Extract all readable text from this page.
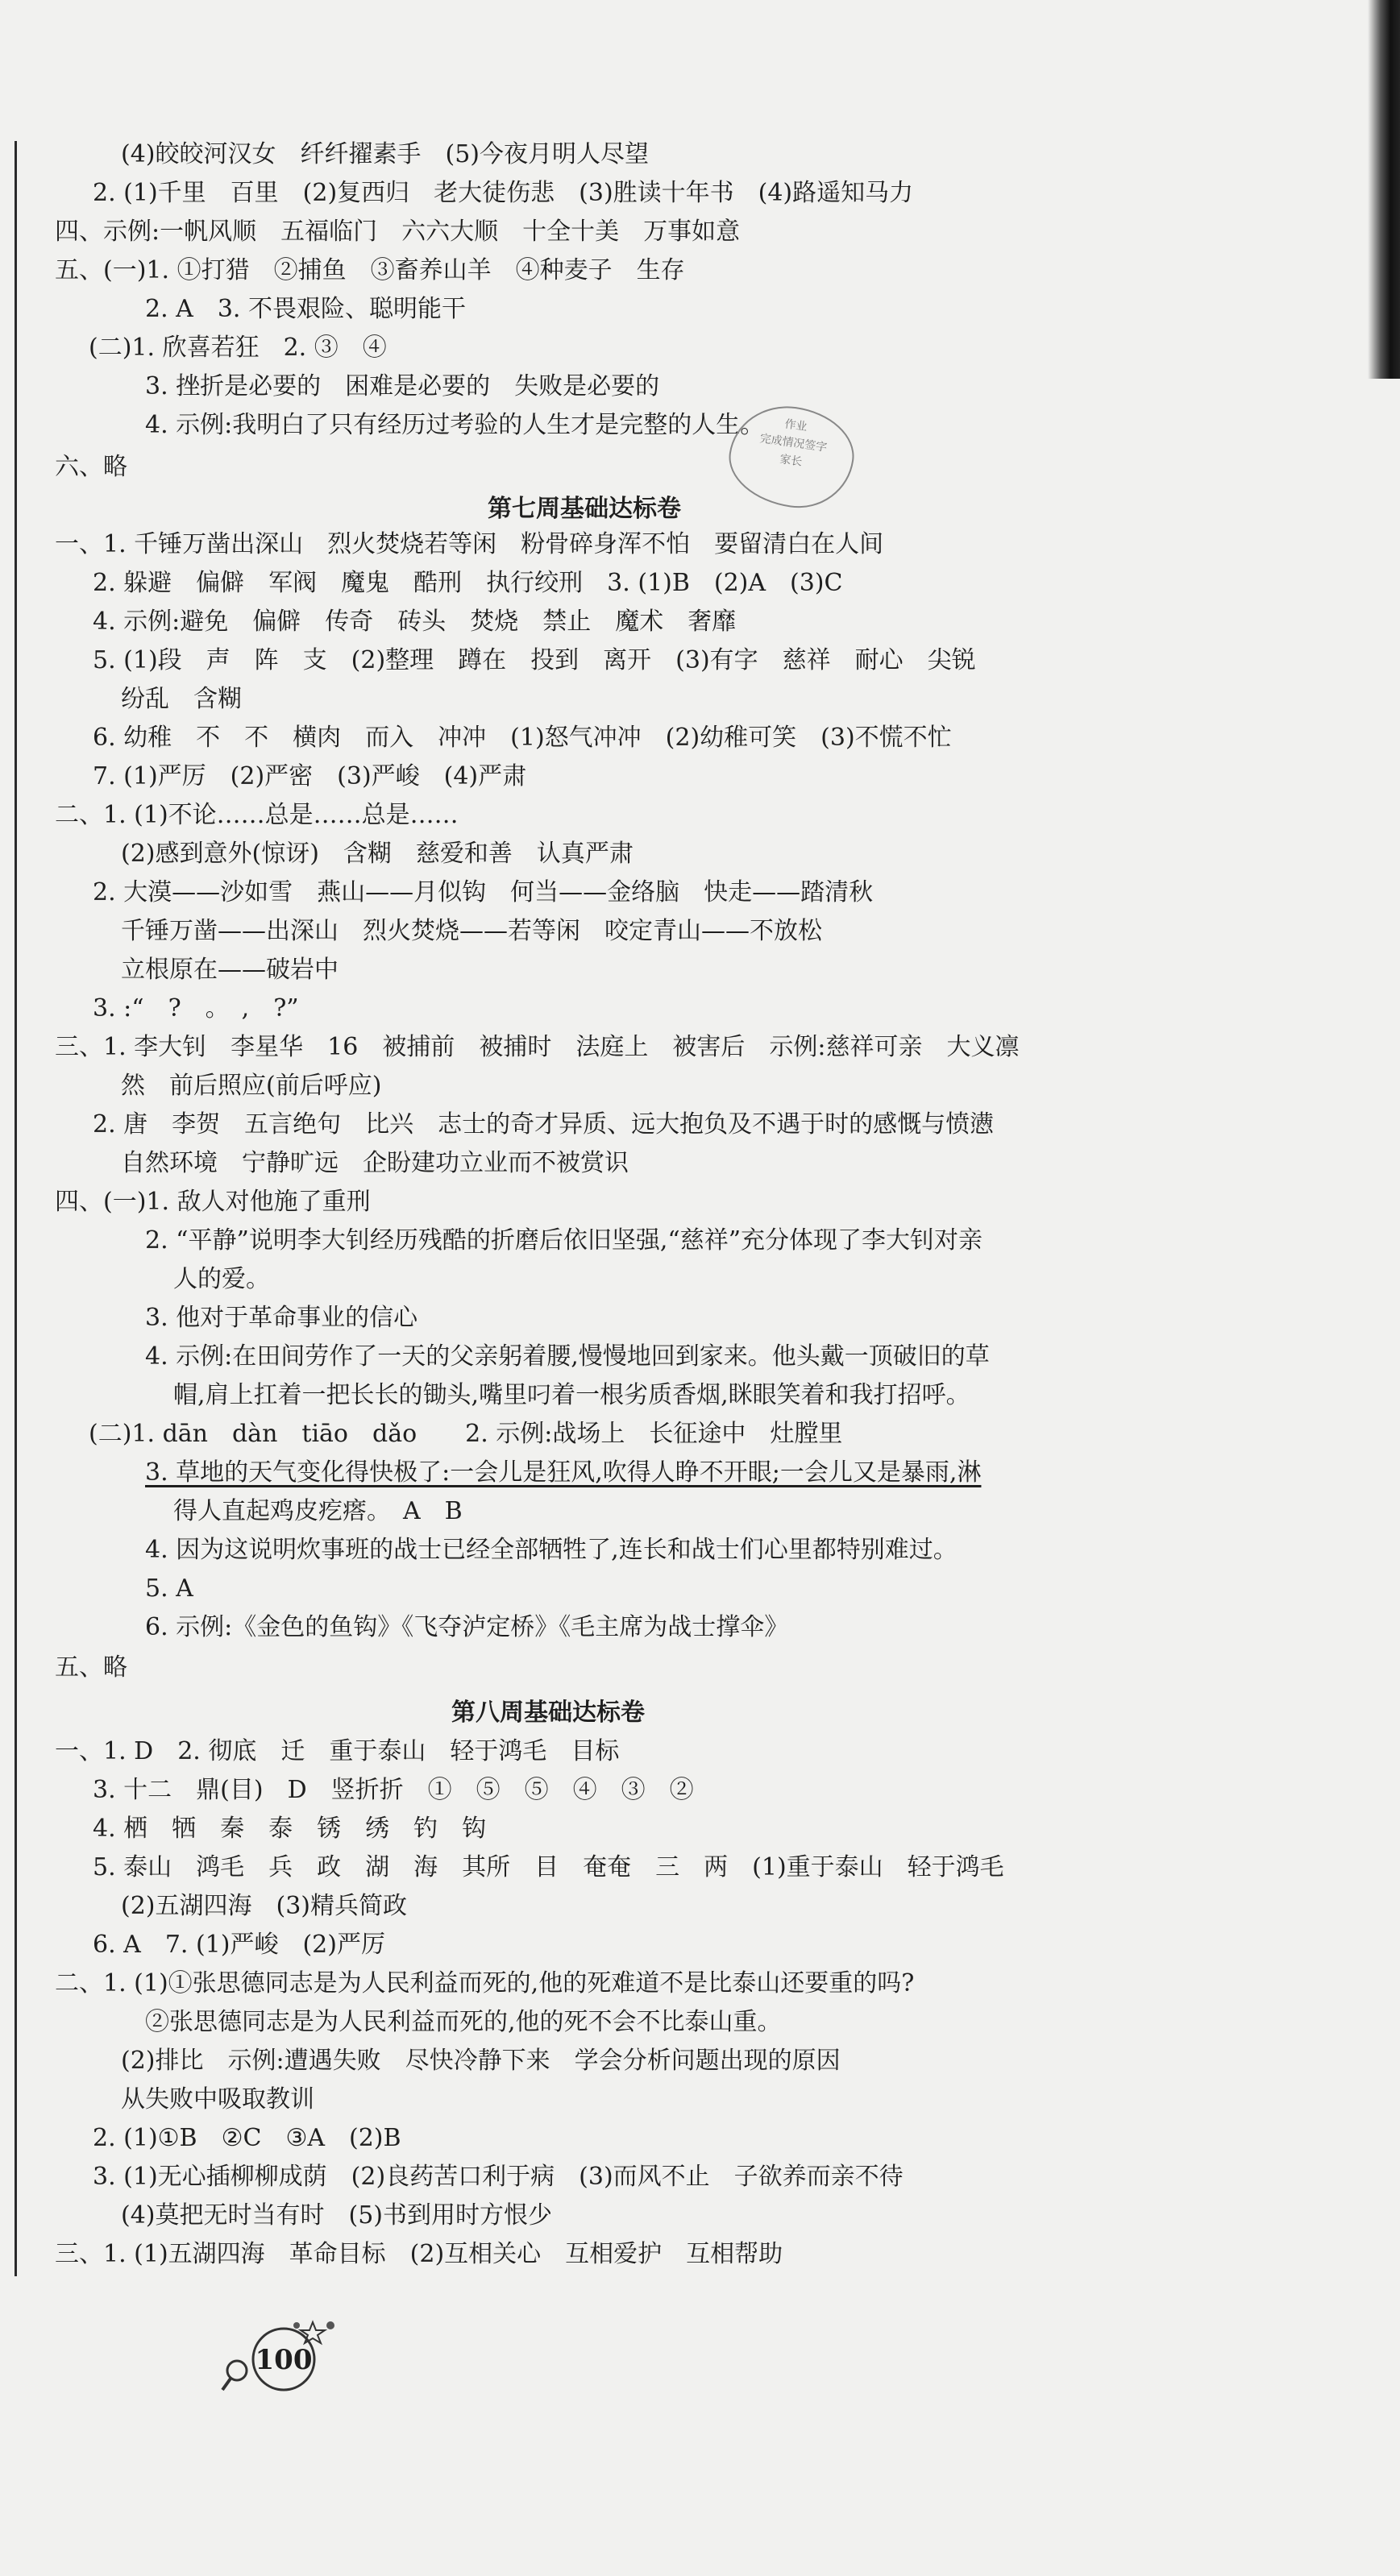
(4)皎皎河汉女　纤纤擢素手　(5)今夜月明人尽望
2. (1)千里　百里　(2)复西归　老大徒伤悲　(3)胜读十年书　(4)路遥知马力
四、示例:一帆风顺　五福临门　六六大顺　十全十美　万事如意
五、(一)1. ①打猎　②捕鱼　③畜养山羊　④种麦子　生存
2. A　3. 不畏艰险、聪明能干
(二)1. 欣喜若狂　2. ③　④
3. 挫折是必要的　困难是必要的　失败是必要的
4. 示例:我明白了只有经历过考验的人生才是完整的人生。
六、略
作业
完成情况签字
家长
第七周基础达标卷
一、1. 千锤万凿出深山　烈火焚烧若等闲　粉骨碎身浑不怕　要留清白在人间
2. 躲避　偏僻　军阀　魔鬼　酷刑　执行绞刑　3. (1)B　(2)A　(3)C
4. 示例:避免　偏僻　传奇　砖头　焚烧　禁止　魔术　奢靡
5. (1)段　声　阵　支　(2)整理　蹲在　投到　离开　(3)有字　慈祥　耐心　尖锐
纷乱　含糊
6. 幼稚　不　不　横肉　而入　冲冲　(1)怒气冲冲　(2)幼稚可笑　(3)不慌不忙
7. (1)严厉　(2)严密　(3)严峻　(4)严肃
二、1. (1)不论……总是……总是……
(2)感到意外(惊讶)　含糊　慈爱和善　认真严肃
2. 大漠——沙如雪　燕山——月似钩　何当——金络脑　快走——踏清秋
千锤万凿——出深山　烈火焚烧——若等闲　咬定青山——不放松
立根原在——破岩中
3. :“　?　。　,　?”
三、1. 李大钊　李星华　16　被捕前　被捕时　法庭上　被害后　示例:慈祥可亲　大义凛
然　前后照应(前后呼应)
2. 唐　李贺　五言绝句　比兴　志士的奇才异质、远大抱负及不遇于时的感慨与愤懑
自然环境　宁静旷远　企盼建功立业而不被赏识
四、(一)1. 敌人对他施了重刑
2. “平静”说明李大钊经历残酷的折磨后依旧坚强,“慈祥”充分体现了李大钊对亲
人的爱。
3. 他对于革命事业的信心
4. 示例:在田间劳作了一天的父亲躬着腰,慢慢地回到家来。他头戴一顶破旧的草
帽,肩上扛着一把长长的锄头,嘴里叼着一根劣质香烟,眯眼笑着和我打招呼。
(二)1. dān　dàn　tiāo　dǎo　　2. 示例:战场上　长征途中　灶膛里
3. 草地的天气变化得快极了:一会儿是狂风,吹得人睁不开眼;一会儿又是暴雨,淋
得人直起鸡皮疙瘩。　A　B
4. 因为这说明炊事班的战士已经全部牺牲了,连长和战士们心里都特别难过。
5. A
6. 示例:《金色的鱼钩》《飞夺泸定桥》《毛主席为战士撑伞》
五、略
第八周基础达标卷
一、1. D　2. 彻底　迁　重于泰山　轻于鸿毛　目标
3. 十二　鼎(目)　D　竖折折　①　⑤　⑤　④　③　②
4. 栖　牺　秦　泰　锈　绣　钓　钩
5. 泰山　鸿毛　兵　政　湖　海　其所　目　奄奄　三　两　(1)重于泰山　轻于鸿毛
(2)五湖四海　(3)精兵简政
6. A　7. (1)严峻　(2)严厉
二、1. (1)①张思德同志是为人民利益而死的,他的死难道不是比泰山还要重的吗?
②张思德同志是为人民利益而死的,他的死不会不比泰山重。
(2)排比　示例:遭遇失败　尽快冷静下来　学会分析问题出现的原因
从失败中吸取教训
2. (1)①B　②C　③A　(2)B
3. (1)无心插柳柳成荫　(2)良药苦口利于病　(3)而风不止　子欲养而亲不待
(4)莫把无时当有时　(5)书到用时方恨少
三、1. (1)五湖四海　革命目标　(2)互相关心　互相爱护　互相帮助
100
